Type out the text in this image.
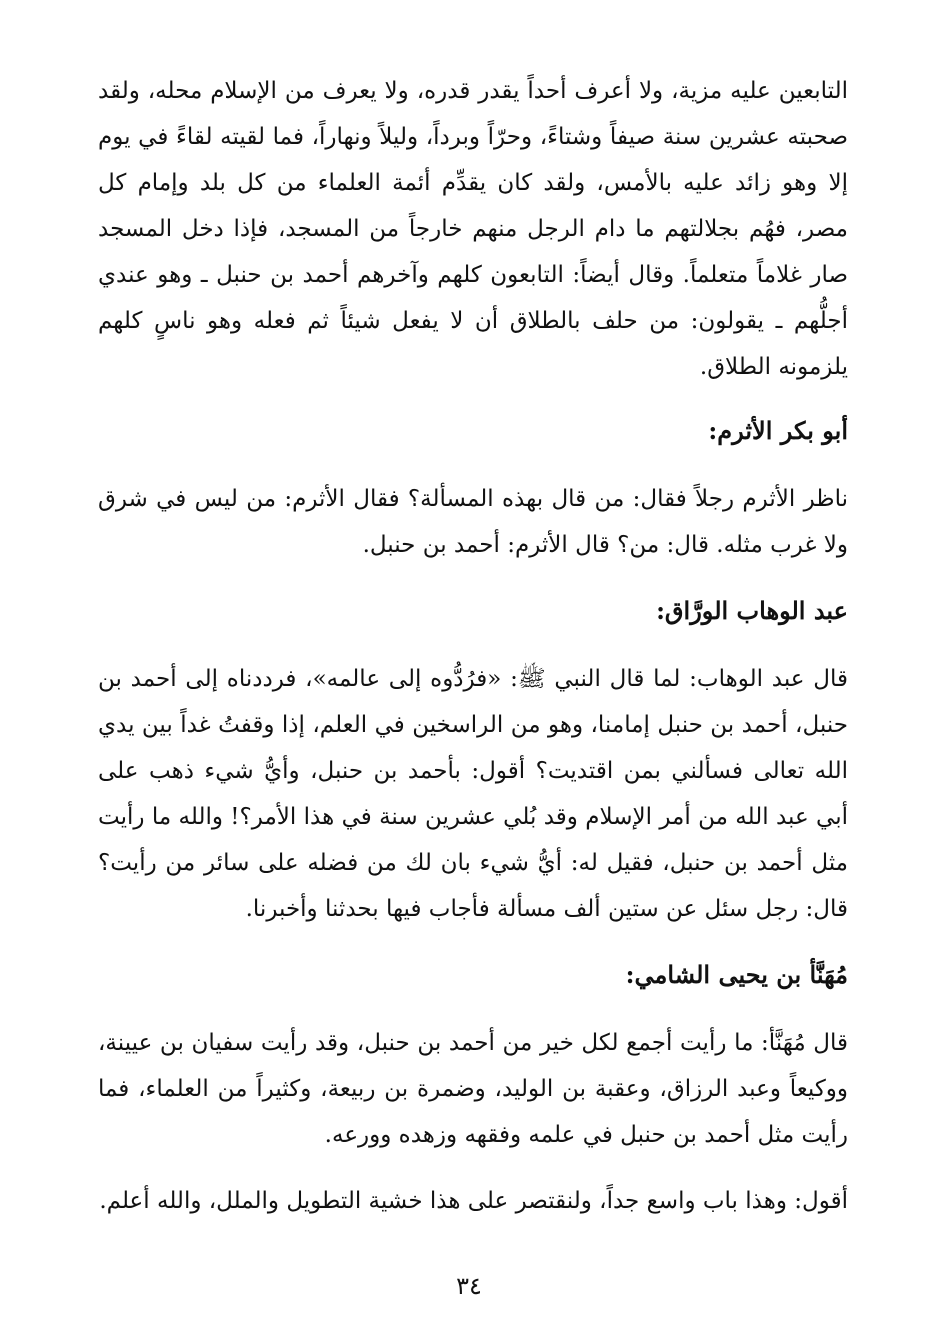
التابعين عليه مزية، ولا أعرف أحداً يقدر قدره، ولا يعرف من الإسلام محله، ولقد صحبته عشرين سنة صيفاً وشتاءً، وحرّاً وبرداً، وليلاً ونهاراً، فما لقيته لقاءً في يوم إلا وهو زائد عليه بالأمس، ولقد كان يقدِّم أئمة العلماء من كل بلد وإمام كل مصر، فهُم بجلالتهم ما دام الرجل منهم خارجاً من المسجد، فإذا دخل المسجد صار غلاماً متعلماً. وقال أيضاً: التابعون كلهم وآخرهم أحمد بن حنبل ـ وهو عندي أجلُّهم ـ يقولون: من حلف بالطلاق أن لا يفعل شيئاً ثم فعله وهو ناسٍ كلهم يلزمونه الطلاق.

أبو بكر الأثرم:

ناظر الأثرم رجلاً فقال: من قال بهذه المسألة؟ فقال الأثرم: من ليس في شرق ولا غرب مثله. قال: من؟ قال الأثرم: أحمد بن حنبل.

عبد الوهاب الورَّاق:

قال عبد الوهاب: لما قال النبي ﷺ: «فرُدُّوه إلى عالمه»، فرددناه إلى أحمد بن حنبل، أحمد بن حنبل إمامنا، وهو من الراسخين في العلم، إذا وقفتُ غداً بين يدي الله تعالى فسألني بمن اقتديت؟ أقول: بأحمد بن حنبل، وأيُّ شيء ذهب على أبي عبد الله من أمر الإسلام وقد بُلي عشرين سنة في هذا الأمر؟! والله ما رأيت مثل أحمد بن حنبل، فقيل له: أيُّ شيء بان لك من فضله على سائر من رأيت؟ قال: رجل سئل عن ستين ألف مسألة فأجاب فيها بحدثنا وأخبرنا.

مُهَنَّأ بن يحيى الشامي:

قال مُهَنَّأ: ما رأيت أجمع لكل خير من أحمد بن حنبل، وقد رأيت سفيان بن عيينة، ووكيعاً وعبد الرزاق، وعقبة بن الوليد، وضمرة بن ربيعة، وكثيراً من العلماء، فما رأيت مثل أحمد بن حنبل في علمه وفقهه وزهده وورعه.

أقول: وهذا باب واسع جداً، ولنقتصر على هذا خشية التطويل والملل، والله أعلم.

٣٤
